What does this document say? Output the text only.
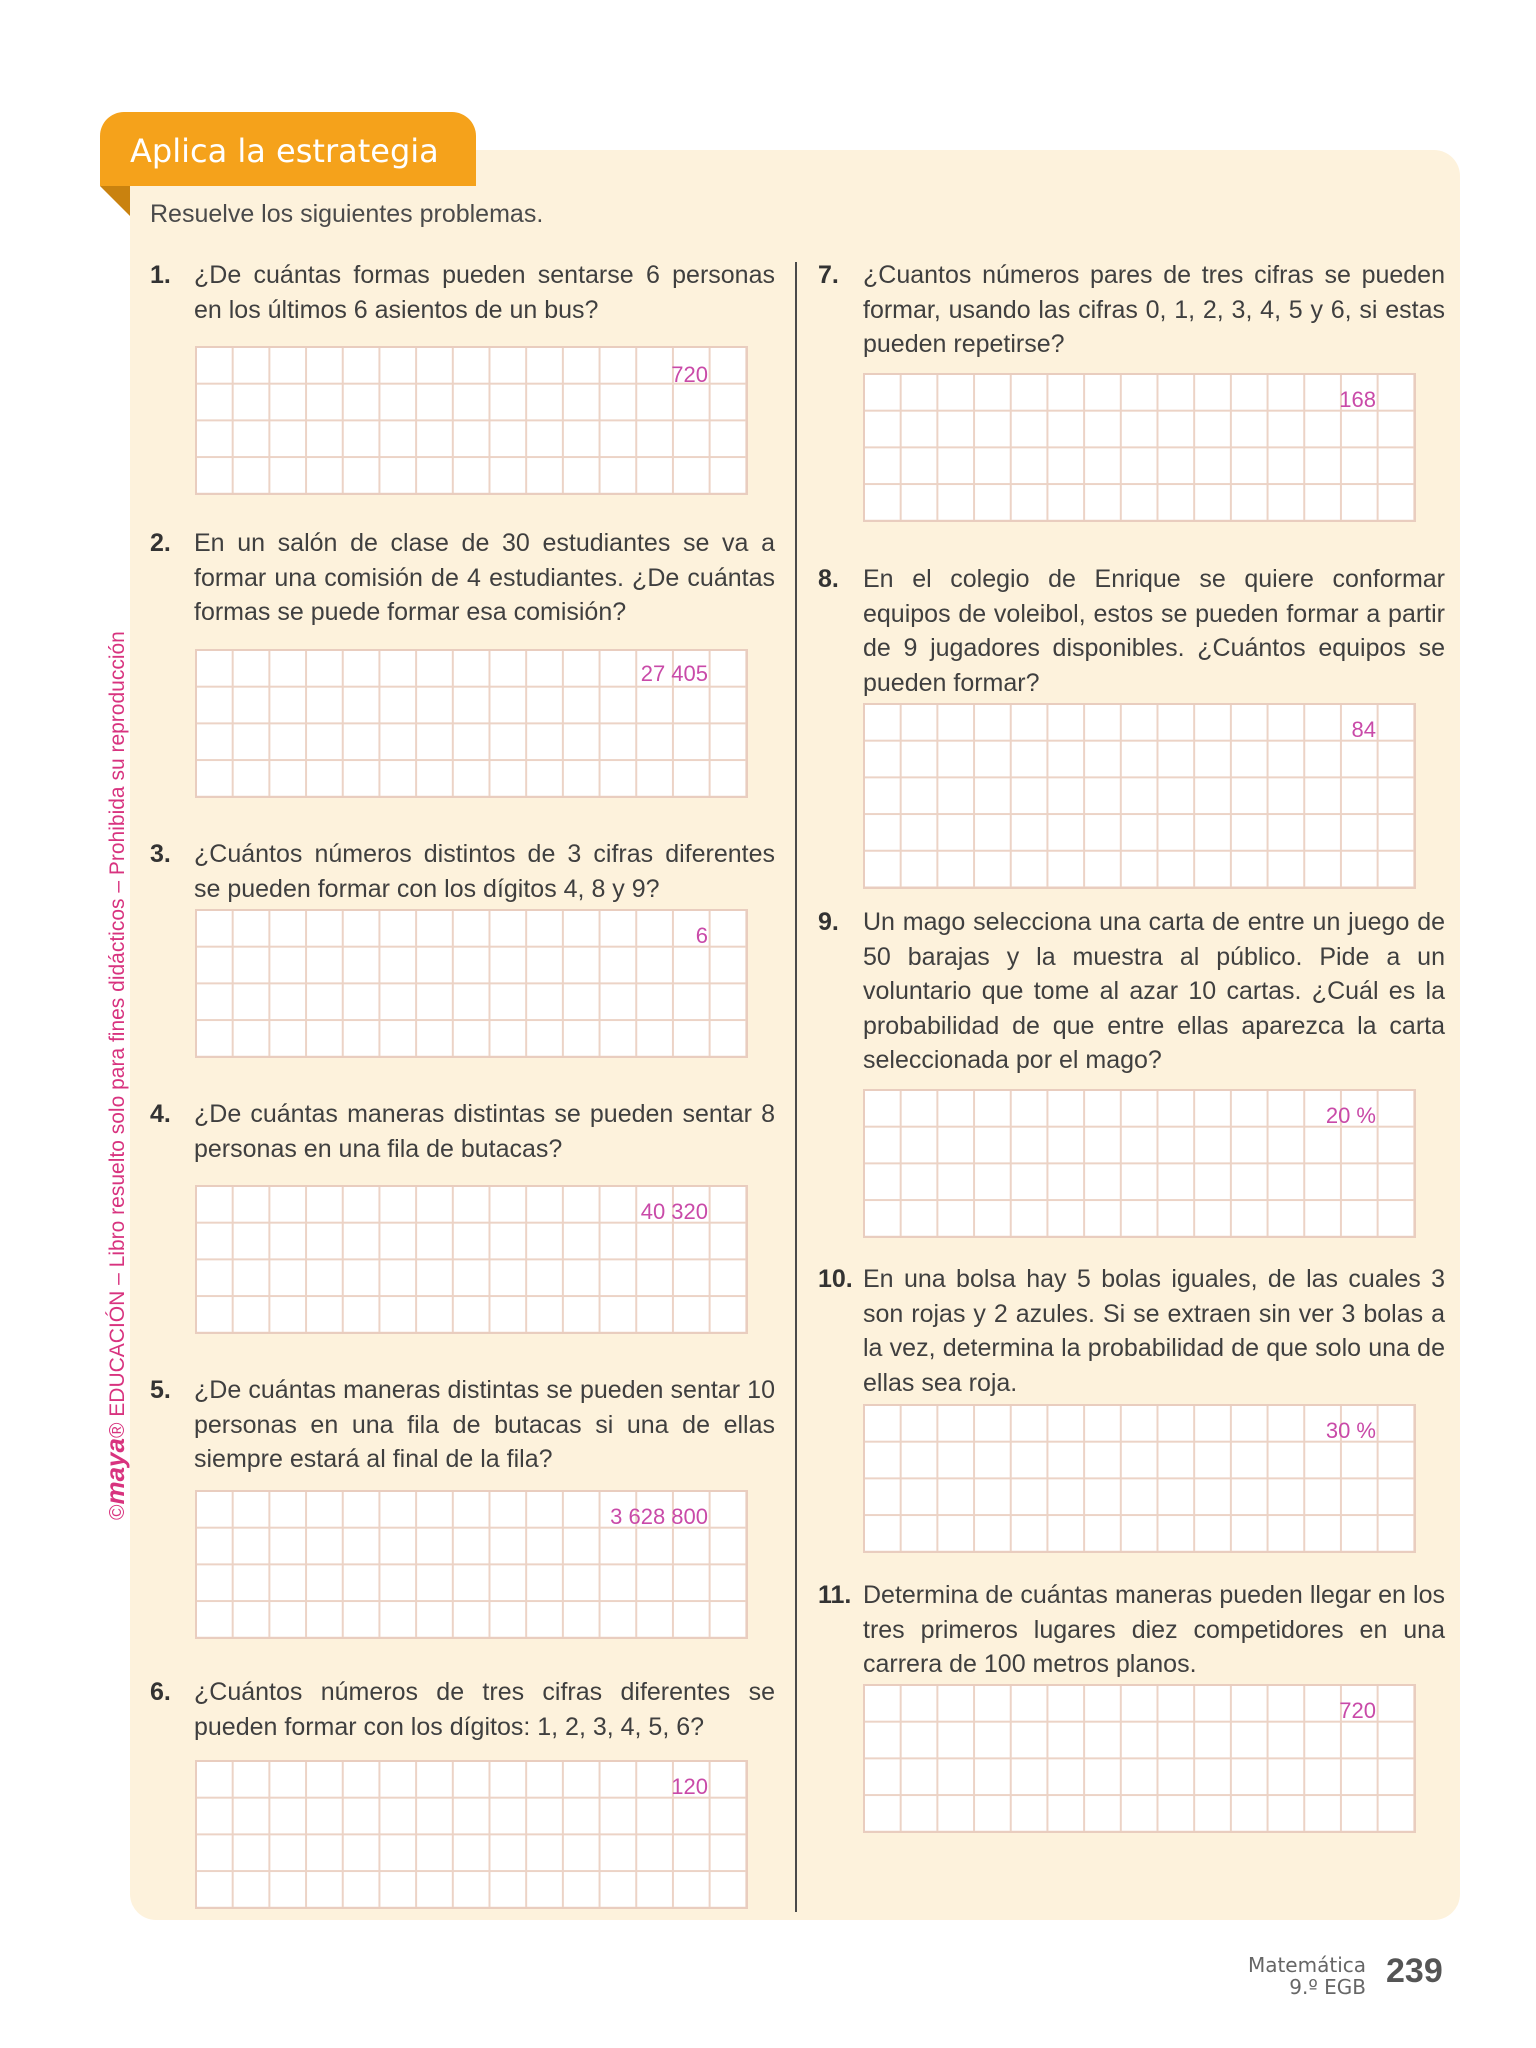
Aplica la estrategia
Resuelve los siguientes problemas.
©maya® EDUCACIÓN – Libro resuelto solo para fines didácticos – Prohibida su reproducción
1. ¿De cuántas formas pueden sentarse 6 personas en los últimos 6 asientos de un bus?
720
2. En un salón de clase de 30 estudiantes se va a formar una comisión de 4 estudiantes. ¿De cuántas formas se puede formar esa comisión?
27 405
3. ¿Cuántos números distintos de 3 cifras diferentes se pueden formar con los dígitos 4, 8 y 9?
6
4. ¿De cuántas maneras distintas se pueden sentar 8 personas en una fila de butacas?
40 320
5. ¿De cuántas maneras distintas se pueden sentar 10 personas en una fila de butacas si una de ellas siempre estará al final de la fila?
3 628 800
6. ¿Cuántos números de tres cifras diferentes se pueden formar con los dígitos: 1, 2, 3, 4, 5, 6?
120
7. ¿Cuantos números pares de tres cifras se pueden formar, usando las cifras 0, 1, 2, 3, 4, 5 y 6, si estas pueden repetirse?
168
8. En el colegio de Enrique se quiere conformar equipos de voleibol, estos se pueden formar a partir de 9 jugadores disponibles. ¿Cuántos equipos se pueden formar?
84
9. Un mago selecciona una carta de entre un juego de 50 barajas y la muestra al público. Pide a un voluntario que tome al azar 10 cartas. ¿Cuál es la probabilidad de que entre ellas aparezca la carta seleccionada por el mago?
20 %
10. En una bolsa hay 5 bolas iguales, de las cuales 3 son rojas y 2 azules. Si se extraen sin ver 3 bolas a la vez, determina la probabilidad de que solo una de ellas sea roja.
30 %
11. Determina de cuántas maneras pueden llegar en los tres primeros lugares diez competidores en una carrera de 100 metros planos.
720
Matemática
9.º EGB 239
